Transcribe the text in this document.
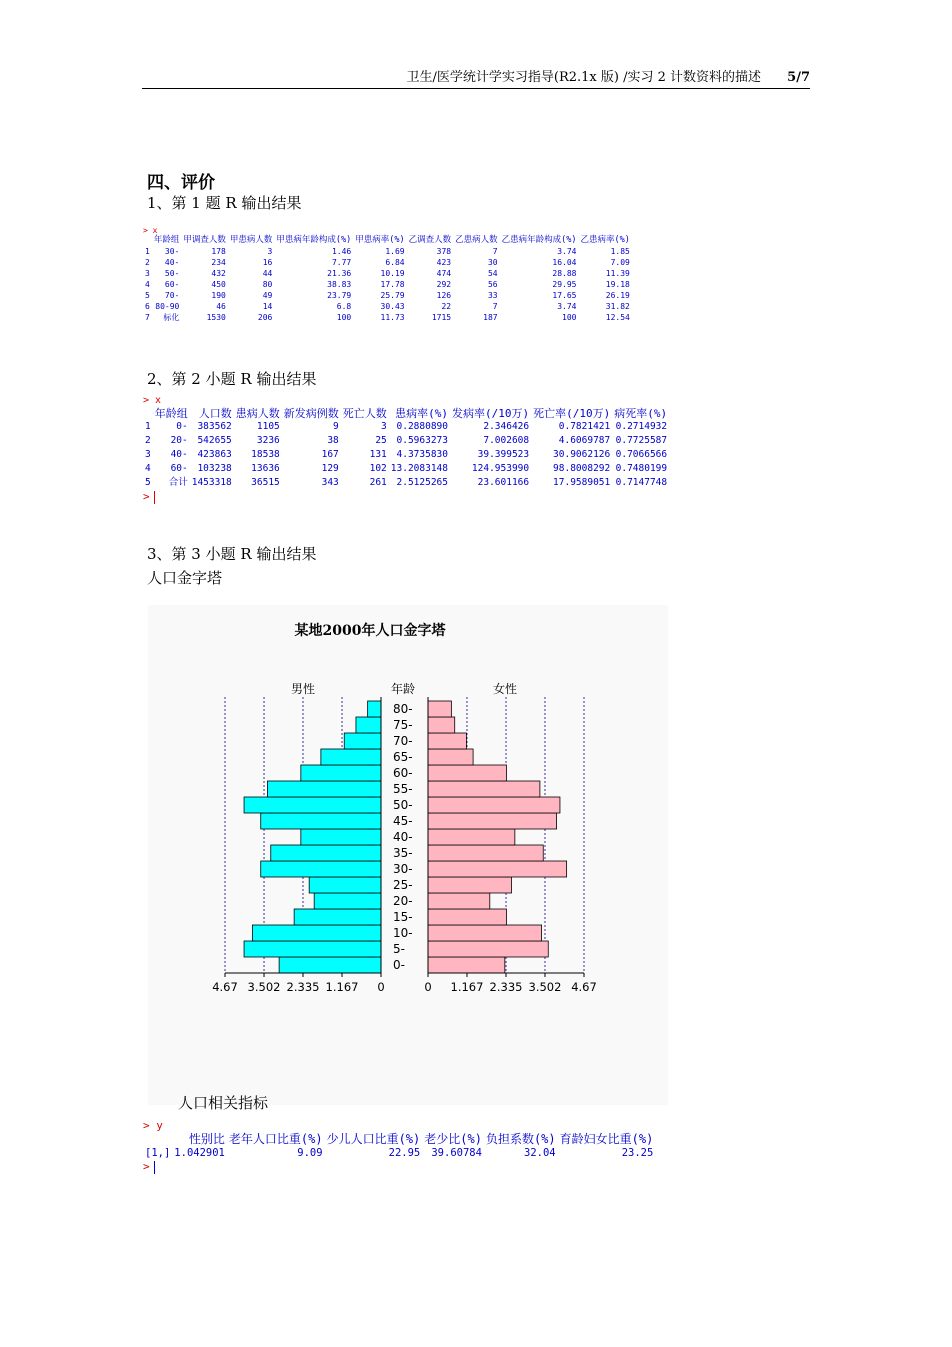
卫生/医学统计学实习指导(R2.1x 版) /实习 2 计数资料的描述 5/7
四、评价
1、第 1 题 R 输出结果
> x
	年龄组	甲调查人数	甲患病人数	甲患病年龄构成(%)	甲患病率(%)	乙调查人数	乙患病人数	乙患病年龄构成(%)	乙患病率(%)
1	30-	178	3	1.46	1.69	378	7	3.74	1.85
2	40-	234	16	7.77	6.84	423	30	16.04	7.09
3	50-	432	44	21.36	10.19	474	54	28.88	11.39
4	60-	450	80	38.83	17.78	292	56	29.95	19.18
5	70-	190	49	23.79	25.79	126	33	17.65	26.19
6	80-90	46	14	6.8	30.43	22	7	3.74	31.82
7	标化	1530	206	100	11.73	1715	187	100	12.54
2、第 2 小题 R 输出结果
> x
	年龄组	人口数	患病人数	新发病例数	死亡人数	患病率(%)	发病率(/10万)	死亡率(/10万)	病死率(%)
1	0-	383562	1105	9	3	0.2880890	2.346426	0.7821421	0.2714932
2	20-	542655	3236	38	25	0.5963273	7.002608	4.6069787	0.7725587
3	40-	423863	18538	167	131	4.3735830	39.399523	30.9062126	0.7066566
4	60-	103238	13636	129	102	13.2083148	124.953990	98.8008292	0.7480199
5	合计	1453318	36515	343	261	2.5125265	23.601166	17.9589051	0.7147748
>
3、第 3 小题 R 输出结果
人口金字塔
某地2000年人口金字塔
男性	年龄	女性
0-
5-
10-
15-
20-
25-
30-
35-
40-
45-
50-
55-
60-
65-
70-
75-
80-
4.67 3.502 2.335 1.167 0	0 1.167 2.335 3.502 4.67
人口相关指标
> y
	性别比	老年人口比重(%)	少儿人口比重(%)	老少比(%)	负担系数(%)	育龄妇女比重(%)
[1,]	1.042901	9.09	22.95	39.60784	32.04	23.25
>
